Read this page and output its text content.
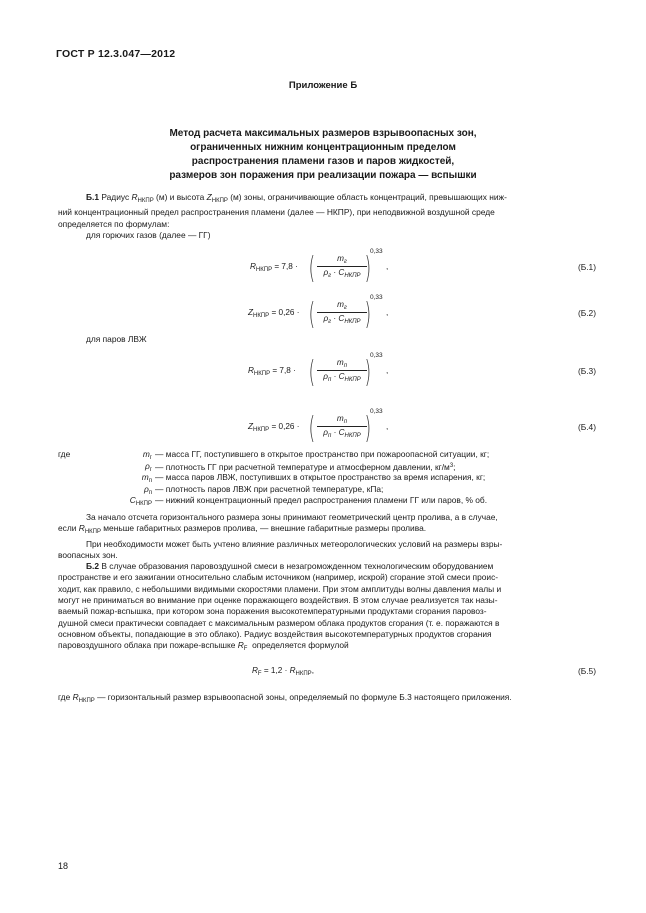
ГОСТ Р 12.3.047—2012
Приложение Б
Метод расчета максимальных размеров взрывоопасных зон,
ограниченных нижним концентрационным пределом
распространения пламени газов и паров жидкостей,
размеров зон поражения при реализации пожара — вспышки

Б.1 Радиус $R_{НКПР}$ (м) и высота $Z_{НКПР}$ (м) зоны, ограничивающие область концентраций, превышающих ниж-

ний концентрационный предел распространения пламени (далее — НКПР), при неподвижной воздушной среде

определяется по формулам:

для горючих газов (далее — ГГ)

$R_{НКПР} = 7,8$ · (	$m_г$
$\rho_г \cdot C_{НКПР}$ )
0,33
,	(Б.1)
$Z_{НКПР} = 0,26$ · (	$m_г$
$\rho_г \cdot C_{НКПР}$ )
0,33
,	(Б.2)
для паров ЛВЖ
$R_{НКПР} = 7,8$ · (	$m_п$
$\rho_п \cdot C_{НКПР}$ )
0,33
,	(Б.3)
$Z_{НКПР} = 0,26$ · (	$m_п$
$\rho_п \cdot C_{НКПР}$ )
0,33
,	(Б.4)
где	$m_г$ — масса ГГ, поступившего в открытое пространство при пожароопасной ситуации, кг;
$\rho_г$ — плотность ГГ при расчетной температуре и атмосферном давлении, $кг/м^3$;
$m_п$ — масса паров ЛВЖ, поступивших в открытое пространство за время испарения, кг;
$\rho_п$ — плотность паров ЛВЖ при расчетной температуре, кПа;
$C_{НКПР}$ — нижний концентрационный предел распространения пламени ГГ или паров, % об.

За начало отсчета горизонтального размера зоны принимают геометрический центр пролива, а в случае,

если $R_{НКПР}$ меньше габаритных размеров пролива, — внешние габаритные размеры пролива.

При необходимости может быть учтено влияние различных метеорологических условий на размеры взры-

воопасных зон.

Б.2 В случае образования паровоздушной смеси в незагроможденном технологическим оборудованием

пространстве и его зажигании относительно слабым источником (например, искрой) сгорание этой смеси проис-

ходит, как правило, с небольшими видимыми скоростями пламени. При этом амплитуды волны давления малы и

могут не приниматься во внимание при оценке поражающего воздействия. В этом случае реализуется так назы-

ваемый пожар-вспышка, при котором зона поражения высокотемпературными продуктами сгорания паровоз-

душной смеси практически совпадает с максимальным размером облака продуктов сгорания (т. е. поражаются в

основном объекты, попадающие в это облако). Радиус воздействия высокотемпературных продуктов сгорания

паровоздушного облака при пожаре-вспышке $R_F$ определяется формулой

$R_F = 1,2 \cdot R_{НКПР}$,	(Б.5)
где $R_{НКПР}$ — горизонтальный размер взрывоопасной зоны, определяемый по формуле Б.3 настоящего приложения.
18
